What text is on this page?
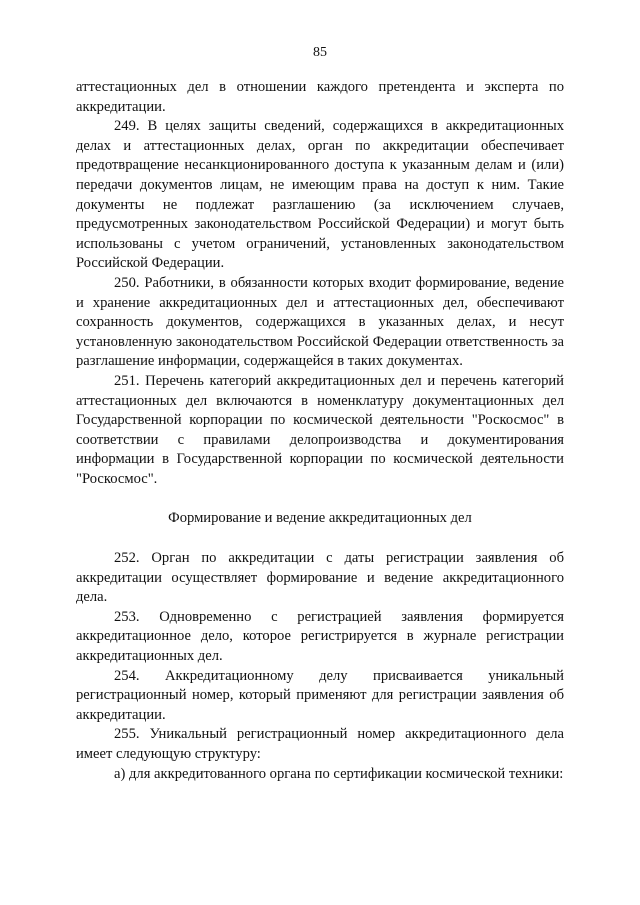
85

аттестационных дел в отношении каждого претендента и эксперта по аккредитации.

249. В целях защиты сведений, содержащихся в аккредитационных делах и аттестационных делах, орган по аккредитации обеспечивает предотвращение несанкционированного доступа к указанным делам и (или) передачи документов лицам, не имеющим права на доступ к ним. Такие документы не подлежат разглашению (за исключением случаев, предусмотренных законодательством Российской Федерации) и могут быть использованы с учетом ограничений, установленных законодательством Российской Федерации.

250. Работники, в обязанности которых входит формирование, ведение и хранение аккредитационных дел и аттестационных дел, обеспечивают сохранность документов, содержащихся в указанных делах, и несут установленную законодательством Российской Федерации ответственность за разглашение информации, содержащейся в таких документах.

251. Перечень категорий аккредитационных дел и перечень категорий аттестационных дел включаются в номенклатуру документационных дел Государственной корпорации по космической деятельности "Роскосмос" в соответствии с правилами делопроизводства и документирования информации в Государственной корпорации по космической деятельности "Роскосмос".

Формирование и ведение аккредитационных дел

252. Орган по аккредитации с даты регистрации заявления об аккредитации осуществляет формирование и ведение аккредитационного дела.

253. Одновременно с регистрацией заявления формируется аккредитационное дело, которое регистрируется в журнале регистрации аккредитационных дел.

254. Аккредитационному делу присваивается уникальный регистрационный номер, который применяют для регистрации заявления об аккредитации.

255. Уникальный регистрационный номер аккредитационного дела имеет следующую структуру:

а) для аккредитованного органа по сертификации космической техники:
